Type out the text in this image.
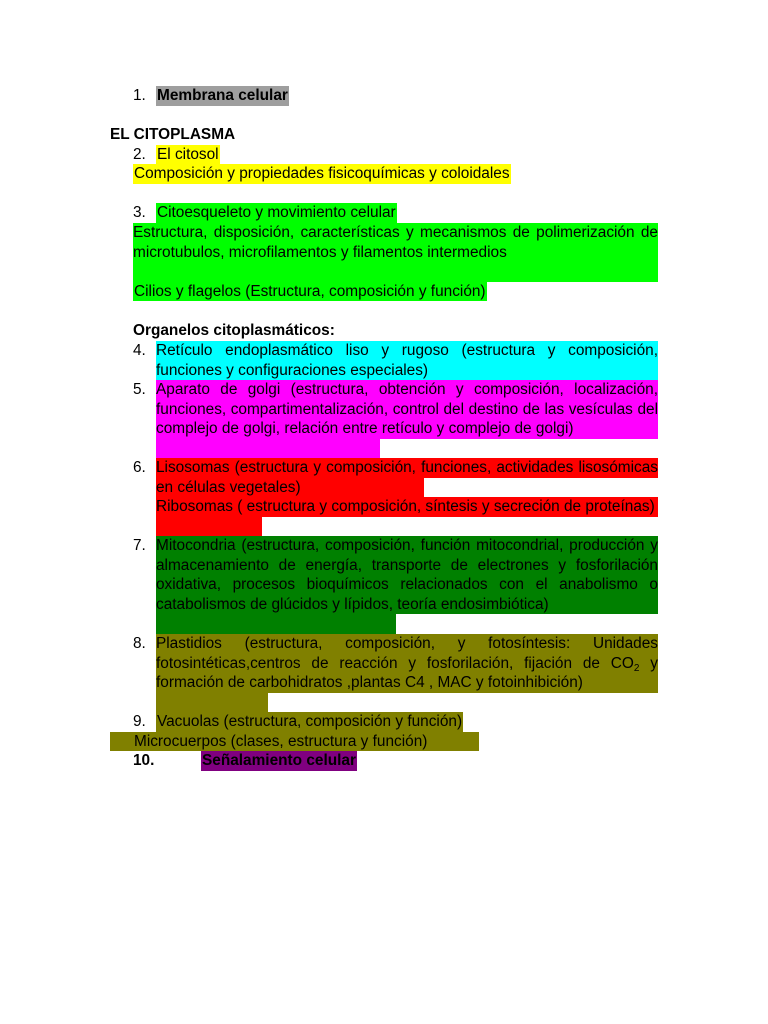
1. Membrana celular
EL CITOPLASMA
2. El citosol
Composición y propiedades fisicoquímicas y coloidales
3. Citoesqueleto y movimiento celular
Estructura, disposición, características y mecanismos de polimerización de microtubulos, microfilamentos y filamentos intermedios
Cilios y flagelos (Estructura, composición y función)
Organelos citoplasmáticos:
4. Retículo endoplasmático liso y rugoso (estructura y composición, funciones y configuraciones especiales)
5. Aparato de golgi (estructura, obtención y composición, localización, funciones, compartimentalización, control del destino de las vesículas del complejo de golgi, relación entre retículo y complejo de golgi)
6. Lisosomas (estructura y composición, funciones, actividades lisosómicas en células vegetales)
Ribosomas ( estructura y composición, síntesis y secreción de proteínas)
7. Mitocondria (estructura, composición, función mitocondrial, producción y almacenamiento de energía, transporte de electrones y fosforilación oxidativa, procesos bioquímicos relacionados con el anabolismo o catabolismos de glúcidos y lípidos, teoría endosimbiótica)
8. Plastidios (estructura, composición, y fotosíntesis: Unidades fotosintéticas,centros de reacción y fosforilación, fijación de $CO_2$ y formación de carbohidratos ,plantas C4 , MAC y fotoinhibición)
9. Vacuolas (estructura, composición y función)
Microcuerpos (clases, estructura y función)
10.	Señalamiento celular
